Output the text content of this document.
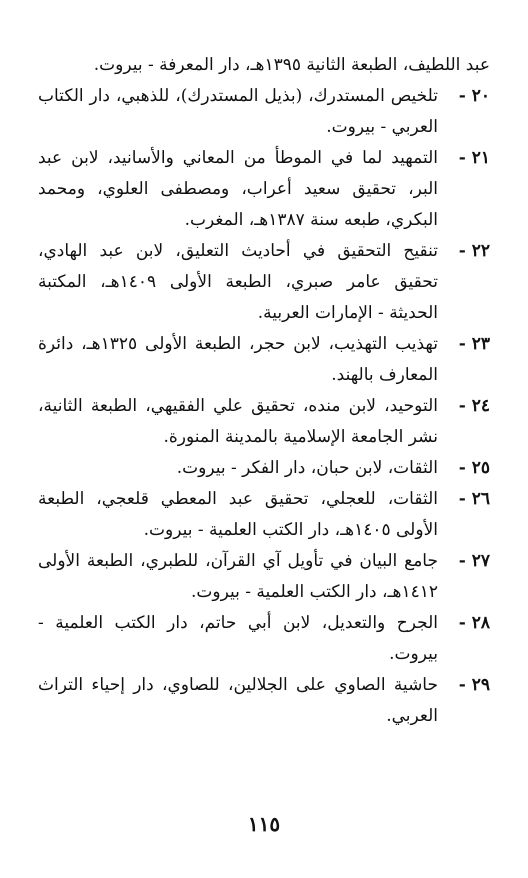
عبد اللطيف، الطبعة الثانية ١٣٩٥هـ، دار المعرفة - بيروت.

٢٠ -

تلخيص المستدرك، (بذيل المستدرك)، للذهبي، دار الكتاب العربي - بيروت.

٢١ -

التمهيد لما في الموطأ من المعاني والأسانيد، لابن عبد البر، تحقيق سعيد أعراب، ومصطفى العلوي، ومحمد البكري، طبعه سنة ١٣٨٧هـ، المغرب.

٢٢ -

تنقيح التحقيق في أحاديث التعليق، لابن عبد الهادي، تحقيق عامر صبري، الطبعة الأولى ١٤٠٩هـ، المكتبة الحديثة - الإمارات العربية.

٢٣ -

تهذيب التهذيب، لابن حجر، الطبعة الأولى ١٣٢٥هـ، دائرة المعارف بالهند.

٢٤ -

التوحيد، لابن منده، تحقيق علي الفقيهي، الطبعة الثانية، نشر الجامعة الإسلامية بالمدينة المنورة.

٢٥ -

الثقات، لابن حبان، دار الفكر - بيروت.

٢٦ -

الثقات، للعجلي، تحقيق عبد المعطي قلعجي، الطبعة الأولى ١٤٠٥هـ، دار الكتب العلمية - بيروت.

٢٧ -

جامع البيان في تأويل آي القرآن، للطبري، الطبعة الأولى ١٤١٢هـ، دار الكتب العلمية - بيروت.

٢٨ -

الجرح والتعديل، لابن أبي حاتم، دار الكتب العلمية - بيروت.

٢٩ -

حاشية الصاوي على الجلالين، للصاوي، دار إحياء التراث العربي.

١١٥
